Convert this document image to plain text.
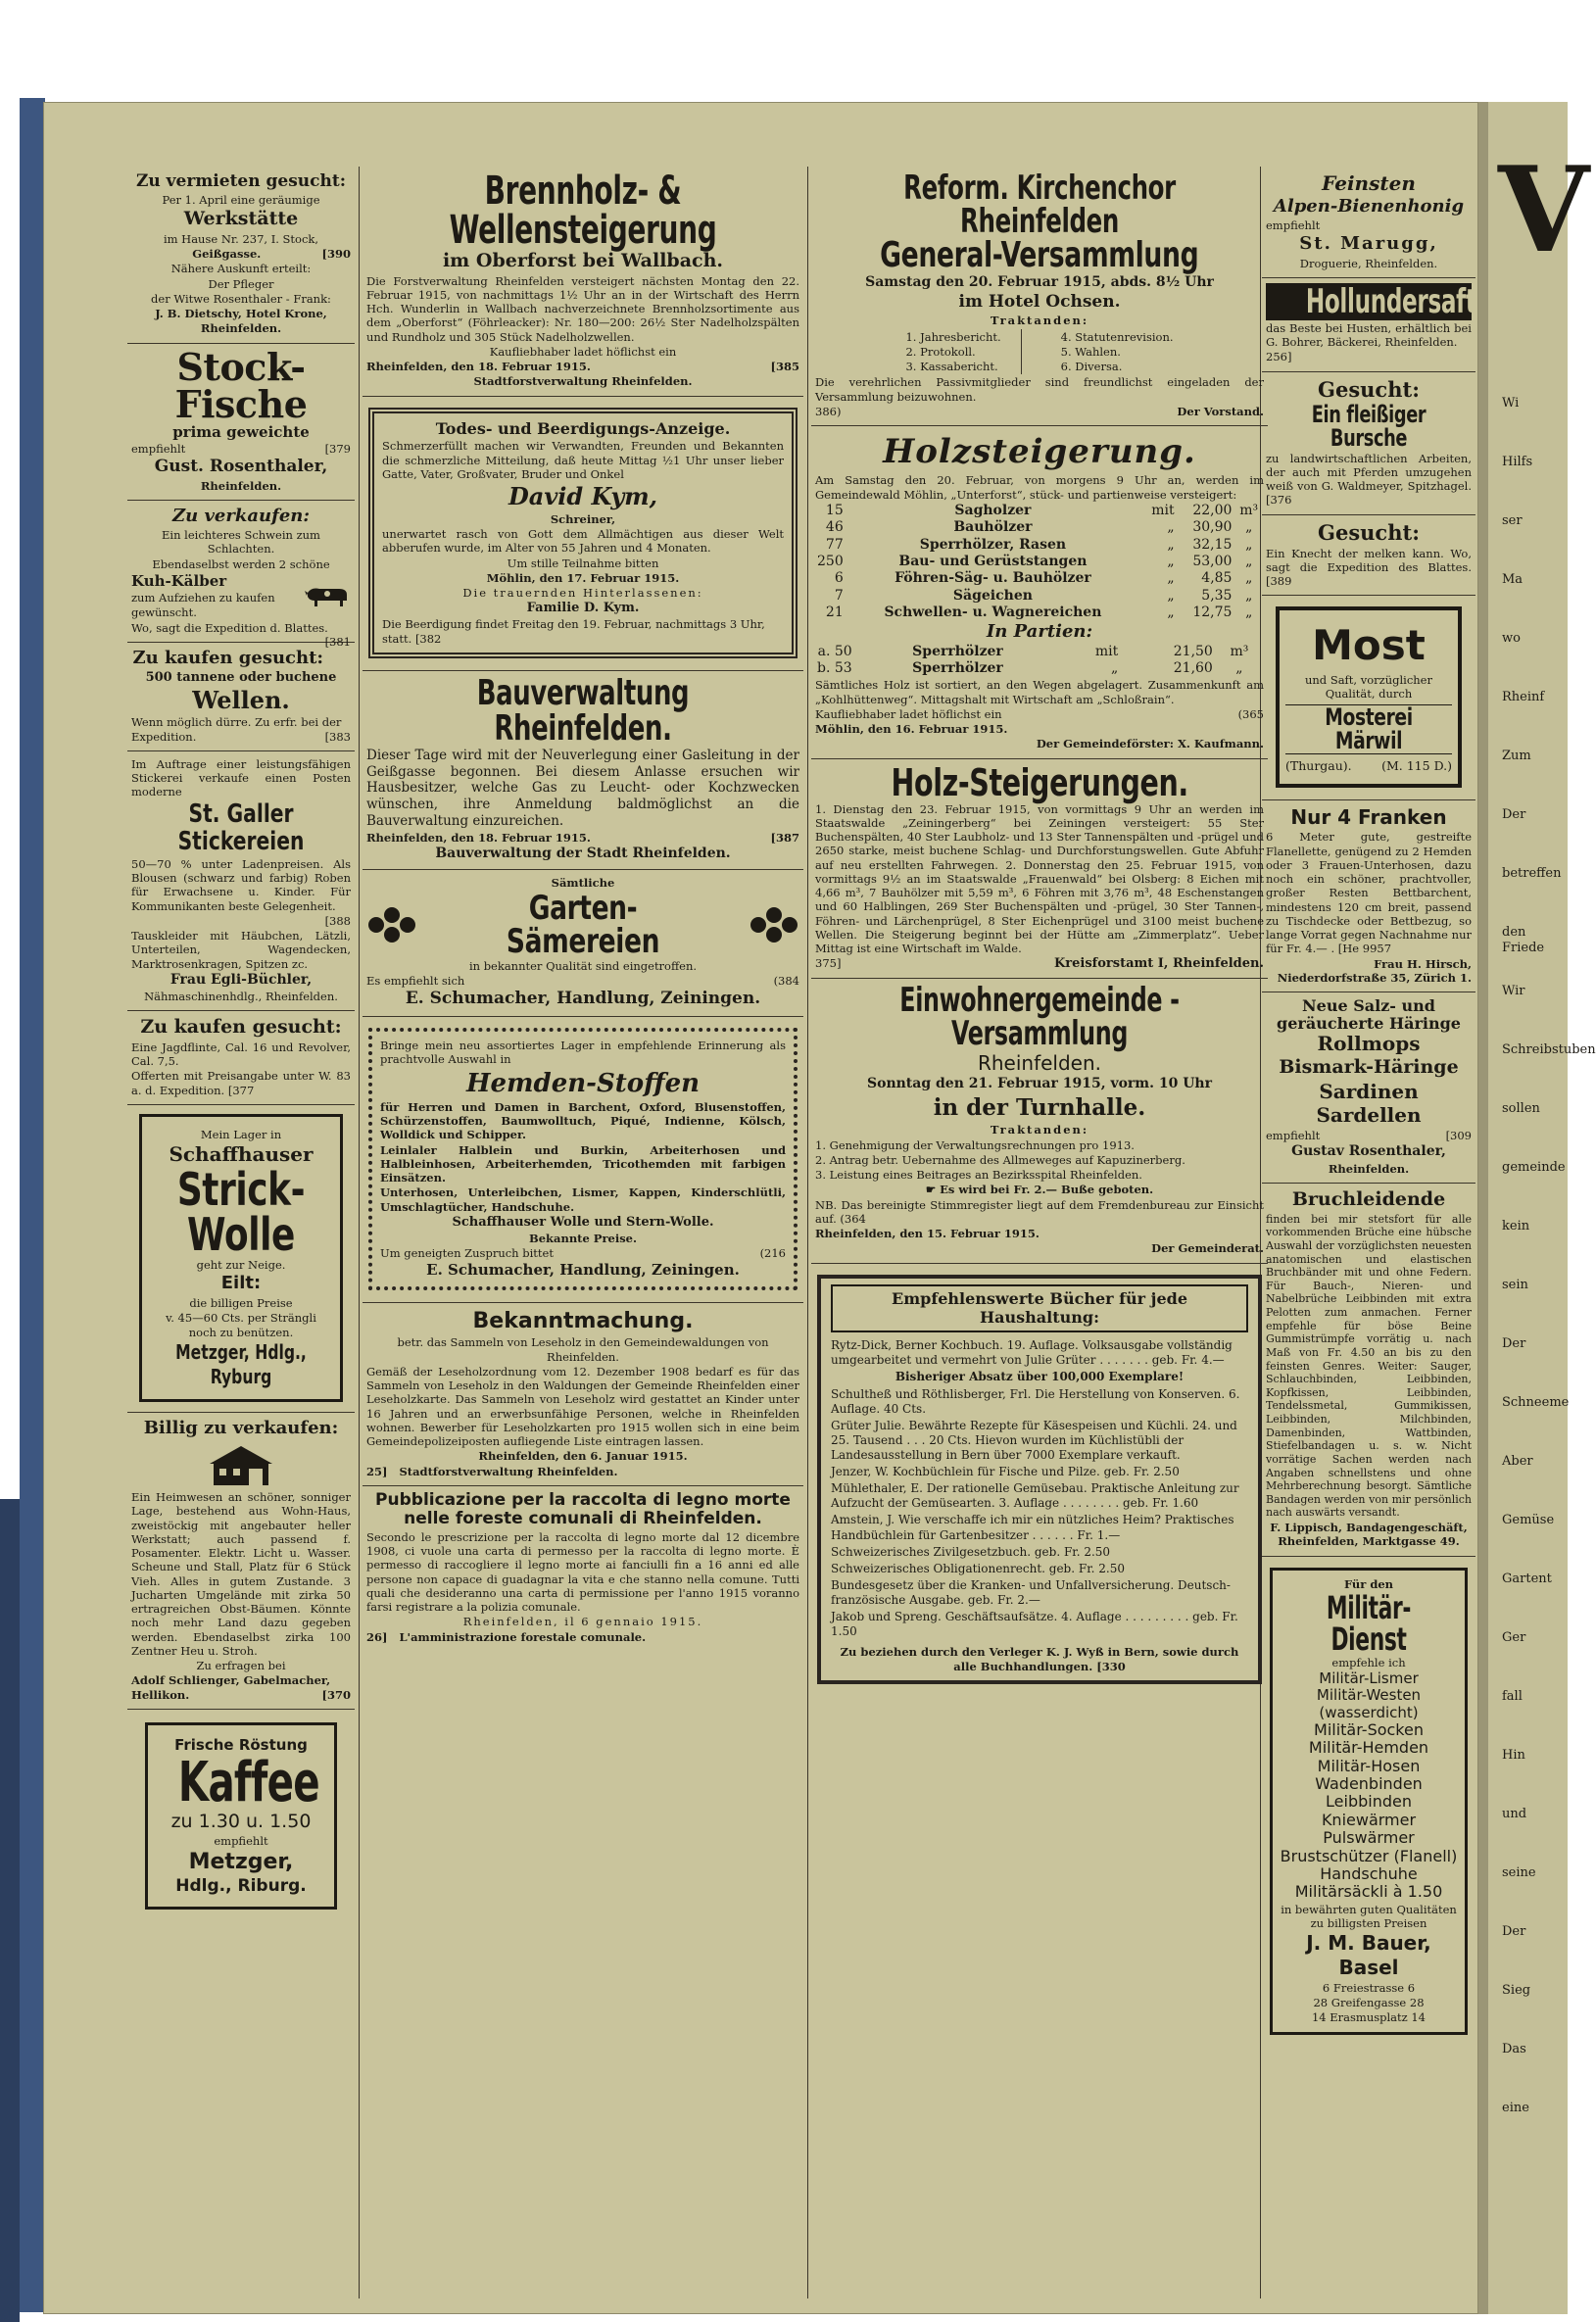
V
Wi
Hilfs
ser
Ma
wo
Rheinf
Zum
Der
betreffen
den Friede
Wir
Schreibstuben
sollen
gemeinde
kein
sein
Der
Schneeme
Aber
Gemüse
Gartent
Ger
fall
Hin
und
seine
Der
Sieg
Das
eine
Zu vermieten gesucht:

Per 1. April eine geräumige

Werkstätte

im Hause Nr. 237, I. Stock,

Geißgasse.	[390

Nähere Auskunft erteilt:

Der Pfleger

der Witwe Rosenthaler - Frank:

J. B. Dietschy, Hotel Krone,

Rheinfelden.

Stock-Fische
prima geweichte

empfiehlt	[379

Gust. Rosenthaler,

Rheinfelden.

Zu verkaufen:

Ein leichteres Schwein zum Schlachten.

Ebendaselbst werden 2 schöne

Kuh-Kälber

zum Aufziehen zu kaufen gewünscht.

Wo, sagt die Expedition d. Blattes.
[381

Zu kaufen gesucht:
500 tannene oder buchene
Wellen.

Wenn möglich dürre. Zu erfr. bei der Expedition.	[383

Im Auftrage einer leistungsfähigen Stickerei verkaufe einen Posten moderne

St. Galler Stickereien

50—70 % unter Ladenpreisen. Als Blousen (schwarz und farbig) Roben für Erwachsene u. Kinder. Für Kommunikanten beste Gelegenheit.

[388

Tauskleider mit Häubchen, Lätzli, Unterteilen, Wagendecken, Marktrosenkragen, Spitzen zc.

Frau Egli-Büchler,

Nähmaschinenhdlg., Rheinfelden.

Zu kaufen gesucht:

Eine Jagdflinte, Cal. 16 und Revolver, Cal. 7,5.

Offerten mit Preisangabe unter W. 83 a. d. Expedition. [377

Mein Lager in

Schaffhauser
Strick-Wolle

geht zur Neige.

Eilt:

die billigen Preise

v. 45—60 Cts. per Strängli

noch zu benützen.

Metzger, Hdlg., Ryburg
Billig zu verkaufen:

Ein Heimwesen an schöner, sonniger Lage, bestehend aus Wohn-Haus, zweistöckig mit angebauter heller Werkstatt; auch passend f. Posamenter. Elektr. Licht u. Wasser. Scheune und Stall, Platz für 6 Stück Vieh. Alles in gutem Zustande. 3 Jucharten Umgelände mit zirka 50 ertragreichen Obst-Bäumen. Könnte noch mehr Land dazu gegeben werden. Ebendaselbst zirka 100 Zentner Heu u. Stroh.

Zu erfragen bei

Adolf Schlienger, Gabelmacher, Hellikon.	[370

Frische Röstung

Kaffee
zu 1.30 u. 1.50

empfiehlt

Metzger,
Hdlg., Riburg.
Brennholz- & Wellensteigerung
im Oberforst bei Wallbach.

Die Forstverwaltung Rheinfelden versteigert nächsten Montag den 22. Februar 1915, von nachmittags 1½ Uhr an in der Wirtschaft des Herrn Hch. Wunderlin in Wallbach nachverzeichnete Brennholzsortimente aus dem „Oberforst“ (Föhrleacker): Nr. 180—200: 26½ Ster Nadelholzspälten und Rundholz und 305 Stück Nadelholzwellen.

Kaufliebhaber ladet höflichst ein

Rheinfelden, den 18. Februar 1915.	[385

Stadtforstverwaltung Rheinfelden.

Todes- und Beerdigungs-Anzeige.

Schmerzerfüllt machen wir Verwandten, Freunden und Bekannten die schmerzliche Mitteilung, daß heute Mittag ½1 Uhr unser lieber Gatte, Vater, Großvater, Bruder und Onkel

David Kym,

Schreiner,

unerwartet rasch von Gott dem Allmächtigen aus dieser Welt abberufen wurde, im Alter von 55 Jahren und 4 Monaten.

Um stille Teilnahme bitten

Möhlin, den 17. Februar 1915.

Die trauernden Hinterlassenen:

Familie D. Kym.

Die Beerdigung findet Freitag den 19. Februar, nachmittags 3 Uhr, statt. [382

Bauverwaltung Rheinfelden.

Dieser Tage wird mit der Neuverlegung einer Gasleitung in der Geißgasse begonnen. Bei diesem Anlasse ersuchen wir Hausbesitzer, welche Gas zu Leucht- oder Kochzwecken wünschen, ihre Anmeldung baldmöglichst an die Bauverwaltung einzureichen.

Rheinfelden, den 18. Februar 1915.	[387

Bauverwaltung der Stadt Rheinfelden.

Sämtliche

Garten-Sämereien

in bekannter Qualität sind eingetroffen.

Es empfiehlt sich	(384

E. Schumacher, Handlung, Zeiningen.

Bringe mein neu assortiertes Lager in empfehlende Erinnerung als prachtvolle Auswahl in

Hemden-Stoffen

für Herren und Damen in Barchent, Oxford, Blusenstoffen, Schürzenstoffen, Baumwolltuch, Piqué, Indienne, Kölsch, Wolldick und Schipper.

Leinlaler Halblein und Burkin, Arbeiterhosen und Halbleinhosen, Arbeiterhemden, Tricothemden mit farbigen Einsätzen.

Unterhosen, Unterleibchen, Lismer, Kappen, Kinderschlütli, Umschlagtücher, Handschuhe.

Schaffhauser Wolle und Stern-Wolle.

Bekannte Preise.

Um geneigten Zuspruch bittet	(216

E. Schumacher, Handlung, Zeiningen.

Bekanntmachung.

betr. das Sammeln von Leseholz in den Gemeindewaldungen von Rheinfelden.

Gemäß der Leseholzordnung vom 12. Dezember 1908 bedarf es für das Sammeln von Leseholz in den Waldungen der Gemeinde Rheinfelden einer Leseholzkarte. Das Sammeln von Leseholz wird gestattet an Kinder unter 16 Jahren und an erwerbsunfähige Personen, welche in Rheinfelden wohnen. Bewerber für Leseholzkarten pro 1915 wollen sich in eine beim Gemeindepolizeiposten aufliegende Liste eintragen lassen.

Rheinfelden, den 6. Januar 1915.

25] Stadtforstverwaltung Rheinfelden.

Pubblicazione per la raccolta di legno morte nelle foreste comunali di Rheinfelden.

Secondo le prescrizione per la raccolta di legno morte dal 12 dicembre 1908, ci vuole una carta di permesso per la raccolta di legno morte. È permesso di raccogliere il legno morte ai fanciulli fin a 16 anni ed alle persone non capace di guadagnar la vita e che stanno nella comune. Tutti quali che desideranno una carta di permissione per l'anno 1915 voranno farsi registrare a la polizia comunale.

Rheinfelden, il 6 gennaio 1915.

26] L'amministrazione forestale comunale.

Reform. Kirchenchor Rheinfelden
General-Versammlung

Samstag den 20. Februar 1915, abds. 8½ Uhr

im Hotel Ochsen.

Traktanden:

1. Jahresbericht.

2. Protokoll.

3. Kassabericht.

4. Statutenrevision.

5. Wahlen.

6. Diversa.

Die verehrlichen Passivmitglieder sind freundlichst eingeladen der Versammlung beizuwohnen.

386)	Der Vorstand.

Holzsteigerung.

Am Samstag den 20. Februar, von morgens 9 Uhr an, werden im Gemeindewald Möhlin, „Unterforst“, stück- und partienweise versteigert:

15	Sagholzer	mit	22,00	m³
46	Bauhölzer	„	30,90	„
77	Sperrhölzer, Rasen	„	32,15	„
250	Bau- und Gerüststangen	„	53,00	„
6	Föhren-Säg- u. Bauhölzer	„	4,85	„
7	Sägeichen	„	5,35	„
21	Schwellen- u. Wagnereichen	„	12,75	„
In Partien:
a. 50	Sperrhölzer	mit	21,50	m³
b. 53	Sperrhölzer	„	21,60	„

Sämtliches Holz ist sortiert, an den Wegen abgelagert. Zusammenkunft am „Kohlhüttenweg“. Mittagshalt mit Wirtschaft am „Schloßrain“.

Kaufliebhaber ladet höflichst ein	(365

Möhlin, den 16. Februar 1915.

Der Gemeindeförster: X. Kaufmann.

Holz-Steigerungen.

1. Dienstag den 23. Februar 1915, von vormittags 9 Uhr an werden im Staatswalde „Zeiningerberg“ bei Zeiningen versteigert: 55 Ster Buchenspälten, 40 Ster Laubholz- und 13 Ster Tannenspälten und -prügel und 2650 starke, meist buchene Schlag- und Durchforstungswellen. Gute Abfuhr auf neu erstellten Fahrwegen. 2. Donnerstag den 25. Februar 1915, von vormittags 9½ an im Staatswalde „Frauenwald“ bei Olsberg: 8 Eichen mit 4,66 m³, 7 Bauhölzer mit 5,59 m³, 6 Föhren mit 3,76 m³, 48 Eschenstangen und 60 Halblingen, 269 Ster Buchenspälten und -prügel, 30 Ster Tannen-, Föhren- und Lärchenprügel, 8 Ster Eichenprügel und 3100 meist buchene Wellen. Die Steigerung beginnt bei der Hütte am „Zimmerplatz“. Ueber Mittag ist eine Wirtschaft im Walde.

375]	Kreisforstamt I, Rheinfelden.

Einwohnergemeinde - Versammlung

Rheinfelden.

Sonntag den 21. Februar 1915, vorm. 10 Uhr

in der Turnhalle.

Traktanden:

1. Genehmigung der Verwaltungsrechnungen pro 1913.

2. Antrag betr. Uebernahme des Allmeweges auf Kapuzinerberg.

3. Leistung eines Beitrages an Bezirksspital Rheinfelden.

☛ Es wird bei Fr. 2.— Buße geboten.

NB. Das bereinigte Stimmregister liegt auf dem Fremdenbureau zur Einsicht auf. (364

Rheinfelden, den 15. Februar 1915.

Der Gemeinderat.

Empfehlenswerte Bücher für jede Haushaltung:

Rytz-Dick, Berner Kochbuch. 19. Auflage. Volksausgabe vollständig umgearbeitet und vermehrt von Julie Grüter . . . . . . . geb. Fr. 4.—

Bisheriger Absatz über 100,000 Exemplare!

Schultheß und Röthlisberger, Frl. Die Herstellung von Konserven. 6. Auflage. 40 Cts.

Grüter Julie. Bewährte Rezepte für Käsespeisen und Küchli. 24. und 25. Tausend . . . 20 Cts. Hievon wurden im Küchlistübli der Landesausstellung in Bern über 7000 Exemplare verkauft.

Jenzer, W. Kochbüchlein für Fische und Pilze. geb. Fr. 2.50

Mühlethaler, E. Der rationelle Gemüsebau. Praktische Anleitung zur Aufzucht der Gemüsearten. 3. Auflage . . . . . . . . geb. Fr. 1.60

Amstein, J. Wie verschaffe ich mir ein nützliches Heim? Praktisches Handbüchlein für Gartenbesitzer . . . . . . Fr. 1.—

Schweizerisches Zivilgesetzbuch. geb. Fr. 2.50

Schweizerisches Obligationenrecht. geb. Fr. 2.50

Bundesgesetz über die Kranken- und Unfallversicherung. Deutsch-französische Ausgabe. geb. Fr. 2.—

Jakob und Spreng. Geschäftsaufsätze. 4. Auflage . . . . . . . . . geb. Fr. 1.50

Zu beziehen durch den Verleger K. J. Wyß in Bern, sowie durch alle Buchhandlungen. [330

Feinsten
Alpen-Bienenhonig

empfiehlt

St. Marugg,

Droguerie, Rheinfelden.

Hollundersaft

das Beste bei Husten, erhältlich bei G. Bohrer, Bäckerei, Rheinfelden.

256]

Gesucht:
Ein fleißiger Bursche

zu landwirtschaftlichen Arbeiten, der auch mit Pferden umzugehen weiß von G. Waldmeyer, Spitzhagel. [376

Gesucht:

Ein Knecht der melken kann. Wo, sagt die Expedition des Blattes. [389

Most

und Saft, vorzüglicher Qualität, durch

Mosterei Märwil
(Thurgau). (M. 115 D.)
Nur 4 Franken

6 Meter gute, gestreifte Flanellette, genügend zu 2 Hemden oder 3 Frauen-Unterhosen, dazu noch ein schöner, prachtvoller, großer Resten Bettbarchent, mindestens 120 cm breit, passend zu Tischdecke oder Bettbezug, so lange Vorrat gegen Nachnahme nur für Fr. 4.— . [He 9957

Frau H. Hirsch, Niederdorfstraße 35, Zürich 1.

Neue Salz- und geräucherte Häringe
Rollmops
Bismark-Häringe
Sardinen
Sardellen

empfiehlt	[309

Gustav Rosenthaler,

Rheinfelden.

Bruchleidende

finden bei mir stetsfort für alle vorkommenden Brüche eine hübsche Auswahl der vorzüglichsten neuesten anatomischen und elastischen Bruchbänder mit und ohne Federn. Für Bauch-, Nieren- und Nabelbrüche Leibbinden mit extra Pelotten zum anmachen. Ferner empfehle für böse Beine Gummistrümpfe vorrätig u. nach Maß von Fr. 4.50 an bis zu den feinsten Genres. Weiter: Sauger, Schlauchbinden, Leibbinden, Kopfkissen, Leibbinden, Tendelssmetal, Gummikissen, Leibbinden, Milchbinden, Damenbinden, Wattbinden, Stiefelbandagen u. s. w. Nicht vorrätige Sachen werden nach Angaben schnellstens und ohne Mehrberechnung besorgt. Sämtliche Bandagen werden von mir persönlich nach auswärts versandt.

F. Lippisch, Bandagengeschäft, Rheinfelden, Marktgasse 49.

Für den

Militär-Dienst

empfehle ich

Militär-Lismer
Militär-Westen (wasserdicht)
Militär-Socken
Militär-Hemden
Militär-Hosen
Wadenbinden
Leibbinden
Kniewärmer
Pulswärmer
Brustschützer (Flanell)
Handschuhe
Militärsäckli à 1.50

in bewährten guten Qualitäten zu billigsten Preisen

J. M. Bauer, Basel

6 Freiestrasse 6

28 Greifengasse 28

14 Erasmusplatz 14
